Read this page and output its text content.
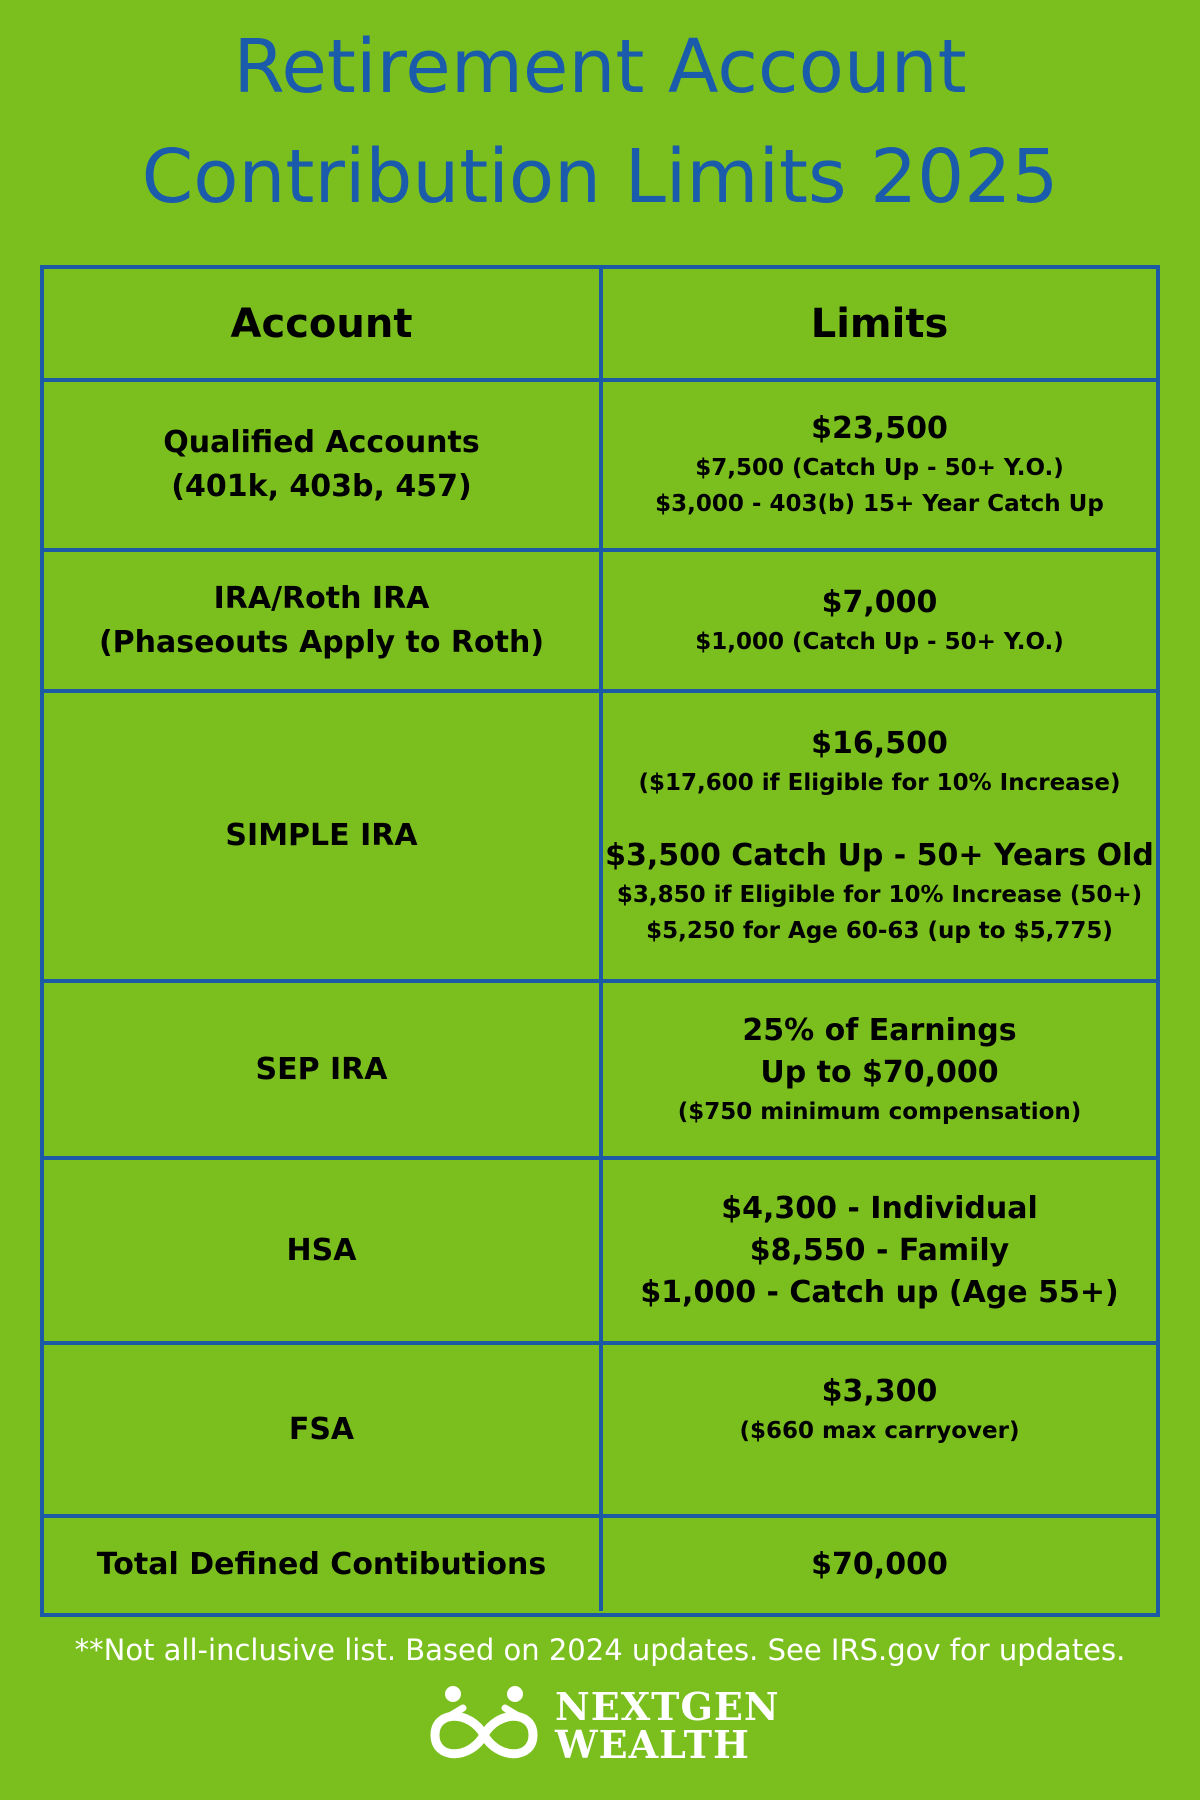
Retirement Account
Contribution Limits 2025
Account	Limits
Qualified Accounts
(401k, 403b, 457)
$23,500
$7,500 (Catch Up - 50+ Y.O.)
$3,000 - 403(b) 15+ Year Catch Up
IRA/Roth IRA
(Phaseouts Apply to Roth)
$7,000
$1,000 (Catch Up - 50+ Y.O.)
SIMPLE IRA
$16,500
($17,600 if Eligible for 10% Increase)
$3,500 Catch Up - 50+ Years Old
$3,850 if Eligible for 10% Increase (50+)
$5,250 for Age 60-63 (up to $5,775)
SEP IRA
25% of Earnings
Up to $70,000
($750 minimum compensation)
HSA
$4,300 - Individual
$8,550 - Family
$1,000 - Catch up (Age 55+)
FSA
$3,300
($660 max carryover)
Total Defined Contibutions	$70,000
**Not all-inclusive list. Based on 2024 updates. See IRS.gov for updates.
NEXTGEN
WEALTH
